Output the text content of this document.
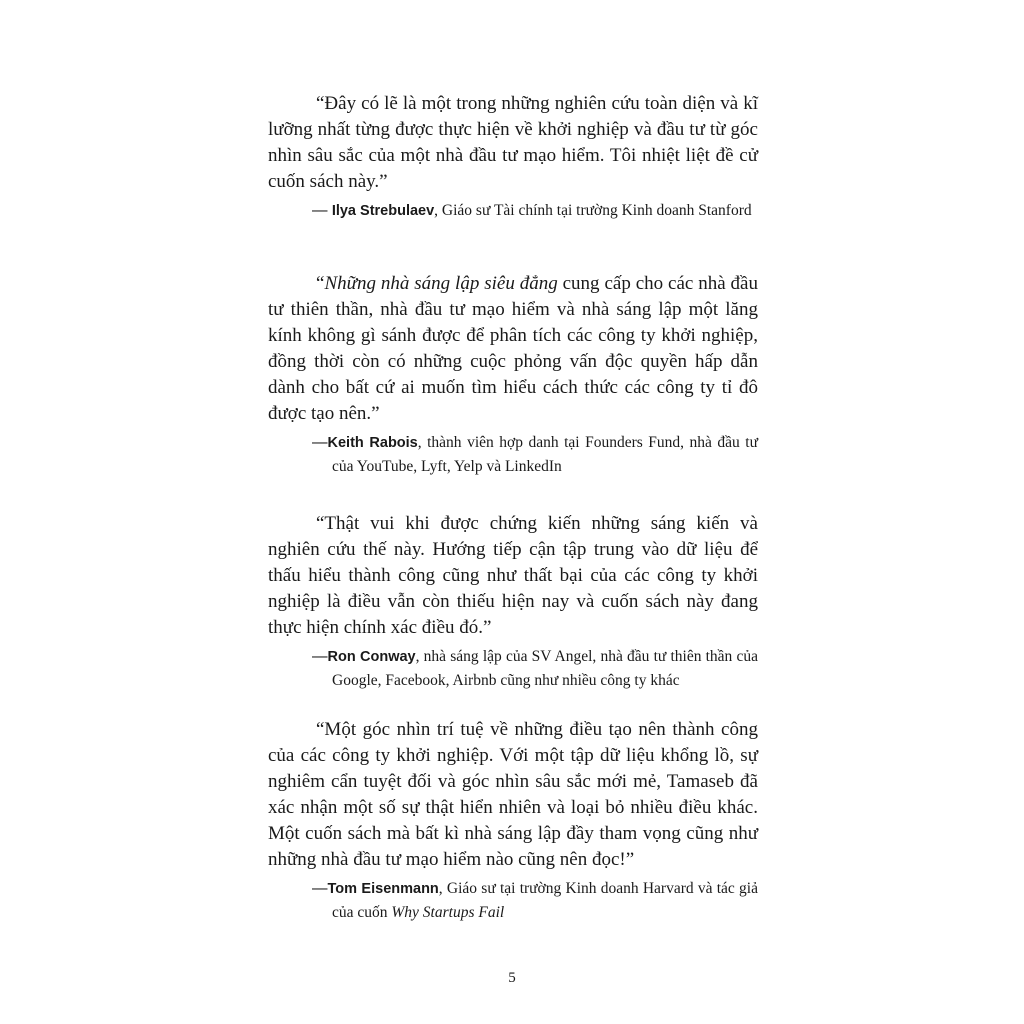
“Đây có lẽ là một trong những nghiên cứu toàn diện và kĩ lưỡng nhất từng được thực hiện về khởi nghiệp và đầu tư từ góc nhìn sâu sắc của một nhà đầu tư mạo hiểm. Tôi nhiệt liệt đề cử cuốn sách này.”

— Ilya Strebulaev, Giáo sư Tài chính tại trường Kinh doanh Stanford

“Những nhà sáng lập siêu đẳng cung cấp cho các nhà đầu tư thiên thần, nhà đầu tư mạo hiểm và nhà sáng lập một lăng kính không gì sánh được để phân tích các công ty khởi nghiệp, đồng thời còn có những cuộc phỏng vấn độc quyền hấp dẫn dành cho bất cứ ai muốn tìm hiểu cách thức các công ty tỉ đô được tạo nên.”

—Keith Rabois, thành viên hợp danh tại Founders Fund, nhà đầu tư của YouTube, Lyft, Yelp và LinkedIn

“Thật vui khi được chứng kiến những sáng kiến và nghiên cứu thế này. Hướng tiếp cận tập trung vào dữ liệu để thấu hiểu thành công cũng như thất bại của các công ty khởi nghiệp là điều vẫn còn thiếu hiện nay và cuốn sách này đang thực hiện chính xác điều đó.”

—Ron Conway, nhà sáng lập của SV Angel, nhà đầu tư thiên thần của Google, Facebook, Airbnb cũng như nhiều công ty khác

“Một góc nhìn trí tuệ về những điều tạo nên thành công của các công ty khởi nghiệp. Với một tập dữ liệu khổng lồ, sự nghiêm cẩn tuyệt đối và góc nhìn sâu sắc mới mẻ, Tamaseb đã xác nhận một số sự thật hiển nhiên và loại bỏ nhiều điều khác. Một cuốn sách mà bất kì nhà sáng lập đầy tham vọng cũng như những nhà đầu tư mạo hiểm nào cũng nên đọc!”

—Tom Eisenmann, Giáo sư tại trường Kinh doanh Harvard và tác giả của cuốn Why Startups Fail

5
